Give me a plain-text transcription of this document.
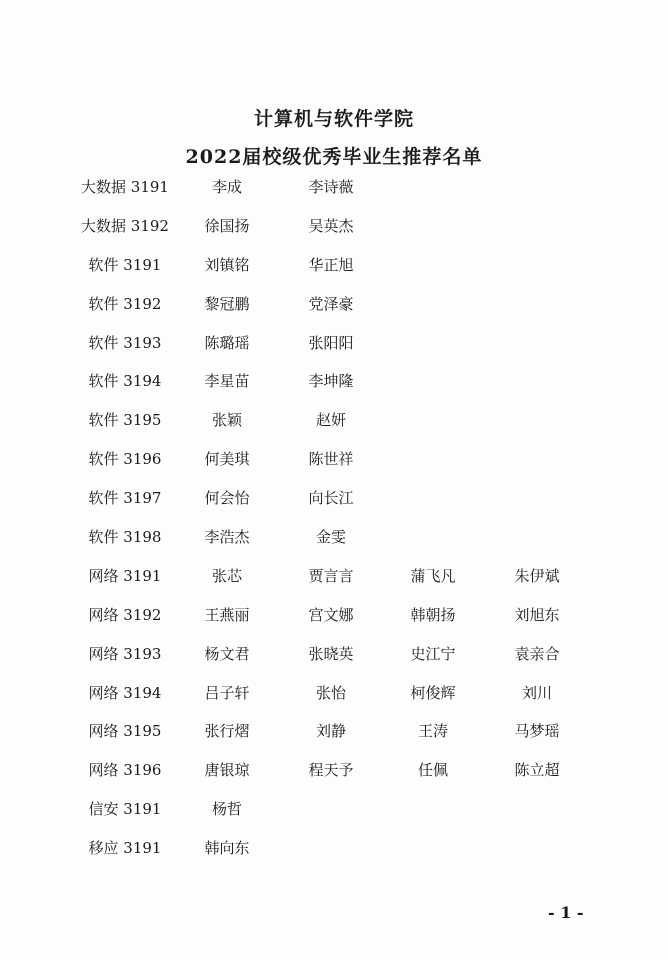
计算机与软件学院
2022届校级优秀毕业生推荐名单
大数据 3191	李成	李诗薇
大数据 3192	徐国扬	吴英杰
软件 3191	刘镇铭	华正旭
软件 3192	黎冠鹏	党泽豪
软件 3193	陈璐瑶	张阳阳
软件 3194	李星苗	李坤隆
软件 3195	张颖	赵妍
软件 3196	何美琪	陈世祥
软件 3197	何会怡	向长江
软件 3198	李浩杰	金雯
网络 3191	张芯	贾言言	蒲飞凡	朱伊斌
网络 3192	王燕丽	宫文娜	韩朝扬	刘旭东
网络 3193	杨文君	张晓英	史江宁	袁亲合
网络 3194	吕子轩	张怡	柯俊辉	刘川
网络 3195	张行熠	刘静	王涛	马梦瑶
网络 3196	唐银琼	程天予	任佩	陈立超
信安 3191	杨哲
移应 3191	韩向东
- 1 -
